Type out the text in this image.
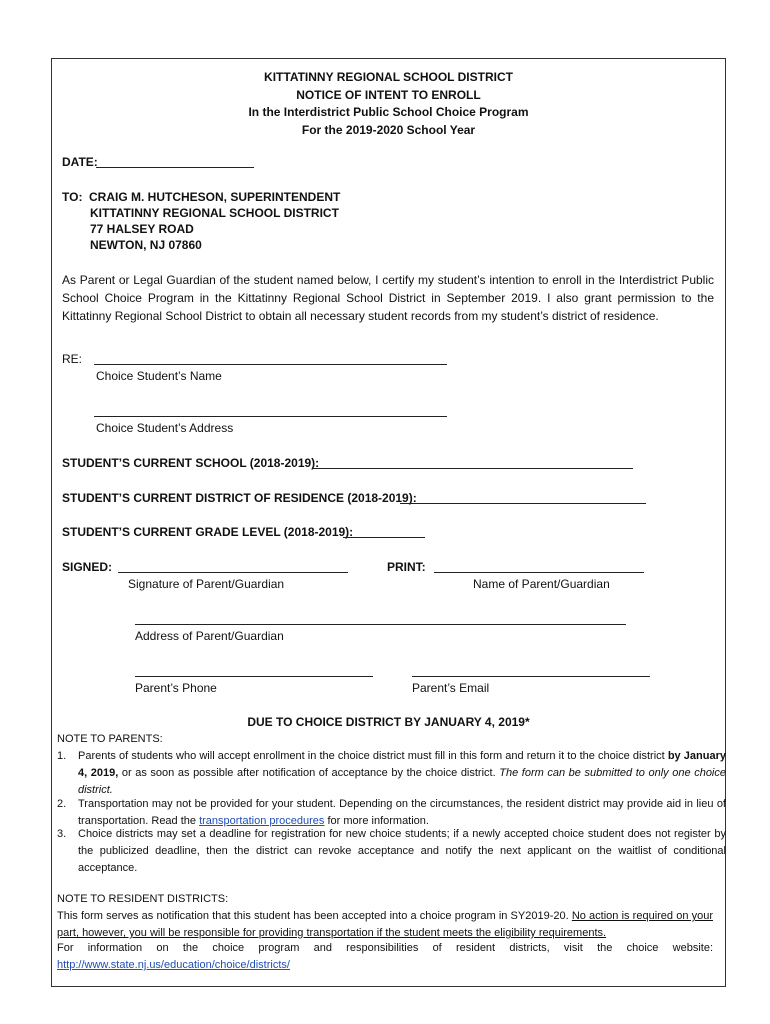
KITTATINNY REGIONAL SCHOOL DISTRICT
NOTICE OF INTENT TO ENROLL
In the Interdistrict Public School Choice Program
For the 2019-2020 School Year
DATE:
TO: CRAIG M. HUTCHESON, SUPERINTENDENT
KITTATINNY REGIONAL SCHOOL DISTRICT
77 HALSEY ROAD
NEWTON, NJ 07860
As Parent or Legal Guardian of the student named below, I certify my student’s intention to enroll in the Interdistrict Public School Choice Program in the Kittatinny Regional School District in September 2019. I also grant permission to the Kittatinny Regional School District to obtain all necessary student records from my student’s district of residence.
RE:
Choice Student’s Name
Choice Student’s Address
STUDENT’S CURRENT SCHOOL (2018-2019):
STUDENT’S CURRENT DISTRICT OF RESIDENCE (2018-2019):
STUDENT’S CURRENT GRADE LEVEL (2018-2019):
SIGNED:
Signature of Parent/Guardian
PRINT:
Name of Parent/Guardian
Address of Parent/Guardian
Parent’s Phone	Parent’s Email
DUE TO CHOICE DISTRICT BY JANUARY 4, 2019*
NOTE TO PARENTS:
1. Parents of students who will accept enrollment in the choice district must fill in this form and return it to the choice district by January 4, 2019, or as soon as possible after notification of acceptance by the choice district. The form can be submitted to only one choice district.
2. Transportation may not be provided for your student. Depending on the circumstances, the resident district may provide aid in lieu of transportation. Read the transportation procedures for more information.
3. Choice districts may set a deadline for registration for new choice students; if a newly accepted choice student does not register by the publicized deadline, then the district can revoke acceptance and notify the next applicant on the waitlist of conditional acceptance.
NOTE TO RESIDENT DISTRICTS:
This form serves as notification that this student has been accepted into a choice program in SY2019-20. No action is required on your part, however, you will be responsible for providing transportation if the student meets the eligibility requirements.
For information on the choice program and responsibilities of resident districts, visit the choice website:
http://www.state.nj.us/education/choice/districts/
